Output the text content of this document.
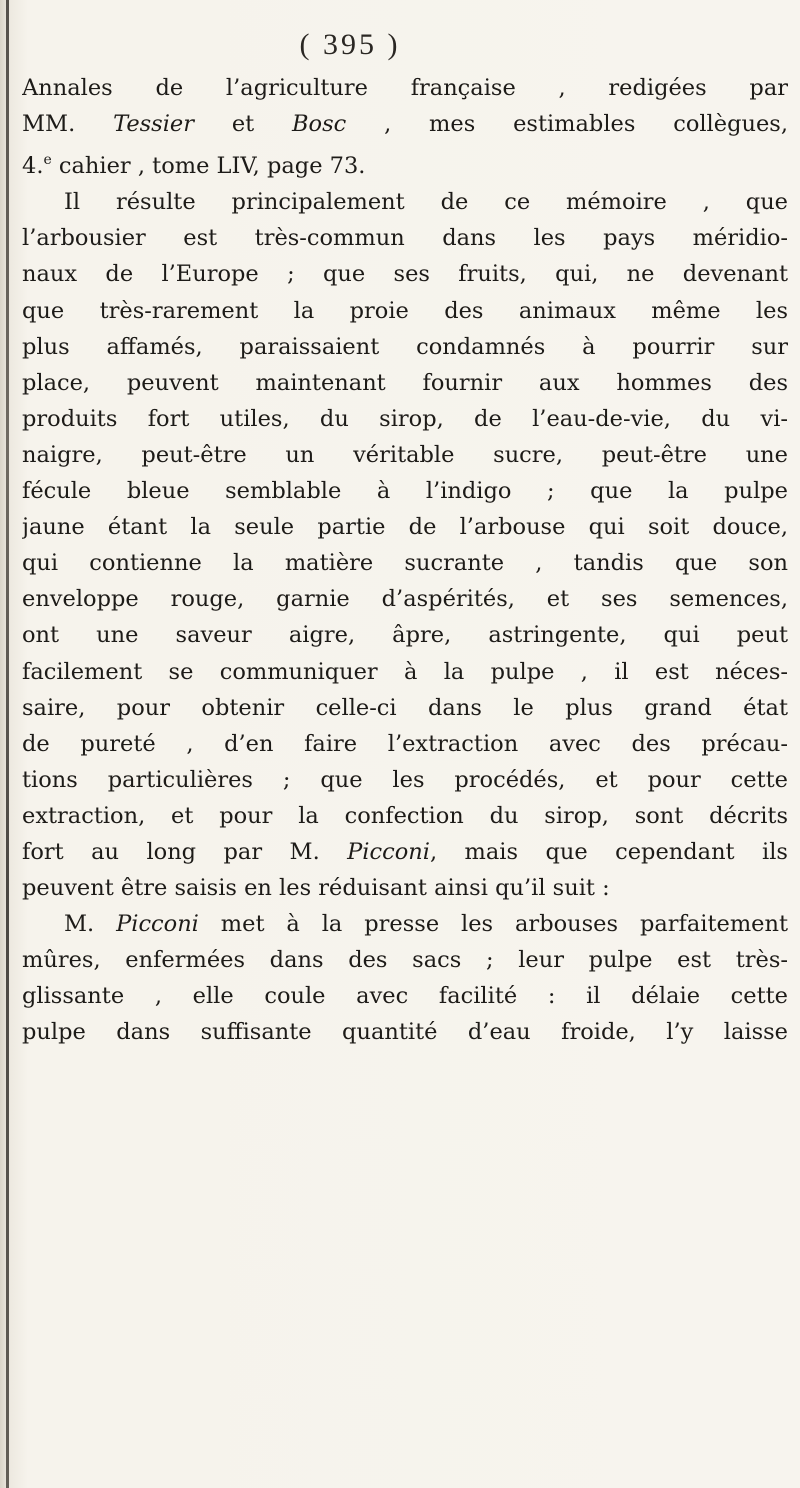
( 395 )
Annales de l’agriculture française , redigées par
MM. Tessier et Bosc , mes estimables collègues,
4.$^e$ cahier , tome LIV, page 73.
Il résulte principalement de ce mémoire , que
l’arbousier est très-commun dans les pays méridio-
naux de l’Europe ; que ses fruits, qui, ne devenant
que très-rarement la proie des animaux même les
plus affamés, paraissaient condamnés à pourrir sur
place, peuvent maintenant fournir aux hommes des
produits fort utiles, du sirop, de l’eau-de-vie, du vi-
naigre, peut-être un véritable sucre, peut-être une
fécule bleue semblable à l’indigo ; que la pulpe
jaune étant la seule partie de l’arbouse qui soit douce,
qui contienne la matière sucrante , tandis que son
enveloppe rouge, garnie d’aspérités, et ses semences,
ont une saveur aigre, âpre, astringente, qui peut
facilement se communiquer à la pulpe , il est néces-
saire, pour obtenir celle-ci dans le plus grand état
de pureté , d’en faire l’extraction avec des précau-
tions particulières ; que les procédés, et pour cette
extraction, et pour la confection du sirop, sont décrits
fort au long par M. Picconi, mais que cependant ils
peuvent être saisis en les réduisant ainsi qu’il suit :
M. Picconi met à la presse les arbouses parfaitement
mûres, enfermées dans des sacs ; leur pulpe est très-
glissante , elle coule avec facilité : il délaie cette
pulpe dans suffisante quantité d’eau froide, l’y laisse
